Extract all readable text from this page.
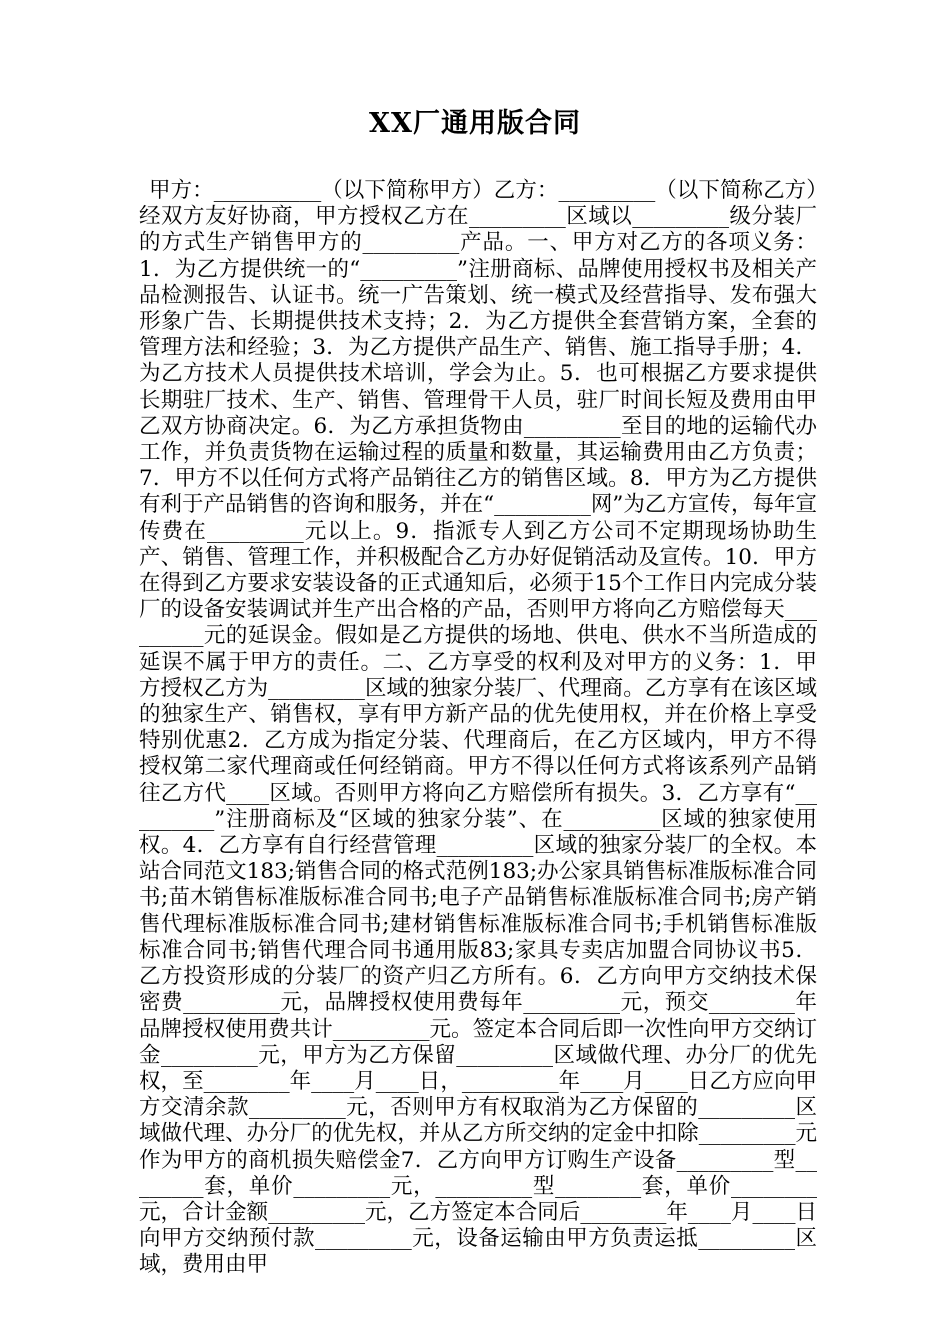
XX厂通用版合同

甲方：__________（以下简称甲方）乙方：_________（以下简称乙方）经双方友好协商，甲方授权乙方在_________区域以_________级分装厂的方式生产销售甲方的_________产品。一、甲方对乙方的各项义务：1．为乙方提供统一的“_________”注册商标、品牌使用授权书及相关产品检测报告、认证书。统一广告策划、统一模式及经营指导、发布强大形象广告、长期提供技术支持；2．为乙方提供全套营销方案，全套的管理方法和经验；3．为乙方提供产品生产、销售、施工指导手册；4．为乙方技术人员提供技术培训，学会为止。5．也可根据乙方要求提供长期驻厂技术、生产、销售、管理骨干人员，驻厂时间长短及费用由甲乙双方协商决定。6．为乙方承担货物由_________至目的地的运输代办工作，并负责货物在运输过程的质量和数量，其运输费用由乙方负责；7．甲方不以任何方式将产品销往乙方的销售区域。8．甲方为乙方提供有利于产品销售的咨询和服务，并在“_________网”为乙方宣传，每年宣传费在_________元以上。9．指派专人到乙方公司不定期现场协助生产、销售、管理工作，并积极配合乙方办好促销活动及宣传。10．甲方在得到乙方要求安装设备的正式通知后，必须于15个工作日内完成分装厂的设备安装调试并生产出合格的产品，否则甲方将向乙方赔偿每天_________元的延误金。假如是乙方提供的场地、供电、供水不当所造成的延误不属于甲方的责任。二、乙方享受的权利及对甲方的义务：1．甲方授权乙方为_________区域的独家分装厂、代理商。乙方享有在该区域的独家生产、销售权，享有甲方新产品的优先使用权，并在价格上享受特别优惠2．乙方成为指定分装、代理商后，在乙方区域内，甲方不得授权第二家代理商或任何经销商。甲方不得以任何方式将该系列产品销往乙方代____区域。否则甲方将向乙方赔偿所有损失。3．乙方享有“_________”注册商标及“区域的独家分装”、在_________区域的独家使用权。4．乙方享有自行经营管理_________区域的独家分装厂的全权。本站合同范文183;销售合同的格式范例183;办公家具销售标准版标准合同书;苗木销售标准版标准合同书;电子产品销售标准版标准合同书;房产销售代理标准版标准合同书;建材销售标准版标准合同书;手机销售标准版标准合同书;销售代理合同书通用版83;家具专卖店加盟合同协议书5．乙方投资形成的分装厂的资产归乙方所有。6．乙方向甲方交纳技术保密费_________元，品牌授权使用费每年_________元，预交________年品牌授权使用费共计_________元。签定本合同后即一次性向甲方交纳订金_________元，甲方为乙方保留_________区域做代理、办分厂的优先权，至________年____月____日，_________年____月____日乙方应向甲方交清余款_________元，否则甲方有权取消为乙方保留的_________区域做代理、办分厂的优先权，并从乙方所交纳的定金中扣除_________元作为甲方的商机损失赔偿金7．乙方向甲方订购生产设备_________型________套，单价_________元，_________型________套，单价________元，合计金额_________元，乙方签定本合同后________年____月____日向甲方交纳预付款_________元，设备运输由甲方负责运抵_________区域，费用由甲
